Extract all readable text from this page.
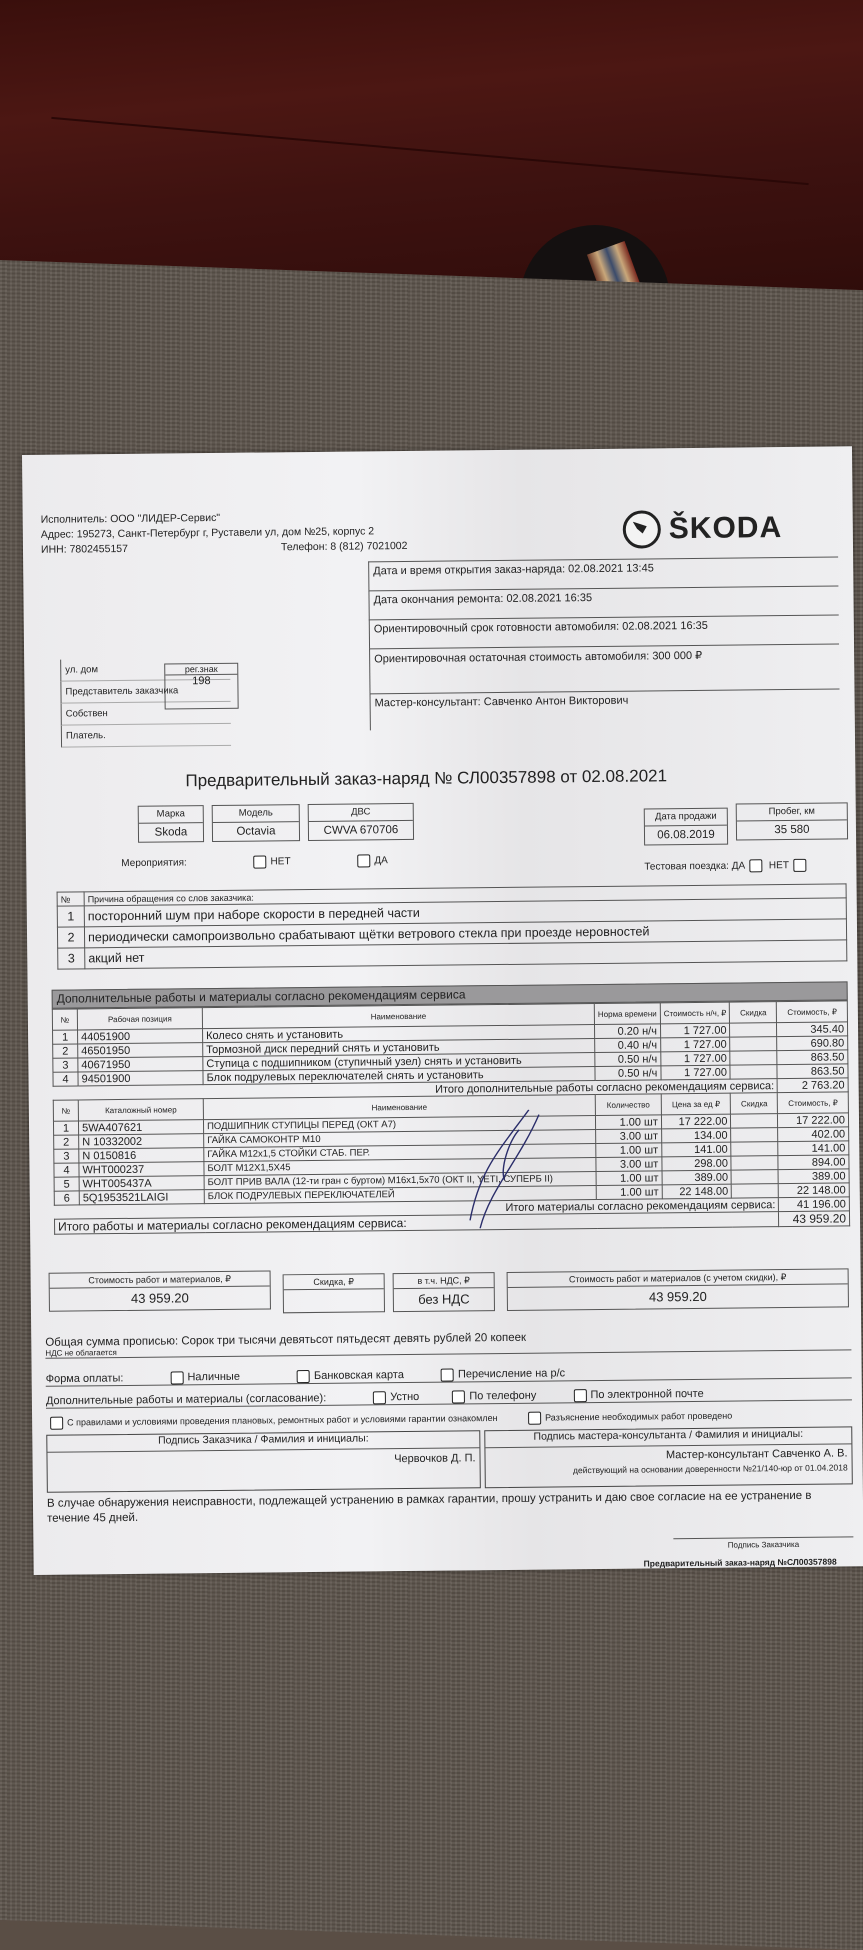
Исполнитель: ООО "ЛИДЕР-Сервис"
Адрес: 195273, Санкт-Петербург г, Руставели ул, дом №25, корпус 2
ИНН: 7802455157	Телефон: 8 (812) 7021002
ŠKODA
Дата и время открытия заказ-наряда: 02.08.2021 13:45
Дата окончания ремонта: 02.08.2021 16:35
Ориентировочный срок готовности автомобиля: 02.08.2021 16:35
Ориентировочная остаточная стоимость автомобиля: 300 000 ₽
Мастер-консультант: Савченко Антон Викторович
ул. дом
Представитель заказчика
Собствен
Платель.
рег.знак
198
Предварительный заказ-наряд № СЛ00357898 от 02.08.2021
Марка
Skoda
Модель
Octavia
ДВС
CWVA 670706
Дата продажи
06.08.2019
Пробег, км
35 580
Мероприятия:	НЕТ	ДА	Тестовая поездка: ДА НЕТ
№	Причина обращения со слов заказчика:
1	посторонний шум при наборе скорости в передней части
2	периодически самопроизвольно срабатывают щётки ветрового стекла при проезде неровностей
3	акций нет
Дополнительные работы и материалы согласно рекомендациям сервиса
№	Рабочая позиция	Наименование	Норма времени	Стоимость н/ч, ₽	Скидка	Стоимость, ₽
1	44051900	Колесо снять и установить	0.20 н/ч	1 727.00		345.40
2	46501950	Тормозной диск передний снять и установить	0.40 н/ч	1 727.00		690.80
3	40671950	Ступица с подшипником (ступичный узел) снять и установить	0.50 н/ч	1 727.00		863.50
4	94501900	Блок подрулевых переключателей снять и установить	0.50 н/ч	1 727.00		863.50
Итого дополнительные работы согласно рекомендациям сервиса:						2 763.20
№	Каталожный номер	Наименование	Количество	Цена за ед ₽	Скидка	Стоимость, ₽
1	5WA407621	ПОДШИПНИК СТУПИЦЫ ПЕРЕД (ОКТ А7)	1.00 шт	17 222.00		17 222.00
2	N 10332002	ГАЙКА САМОКОНТР М10	3.00 шт	134.00		402.00
3	N 0150816	ГАЙКА М12х1,5 СТОЙКИ СТАБ. ПЕР.	1.00 шт	141.00		141.00
4	WHT000237	БОЛТ М12Х1,5Х45	3.00 шт	298.00		894.00
5	WHT005437A	БОЛТ ПРИВ ВАЛА (12-ти гран с буртом) М16х1,5х70 (ОКТ II, YETI, СУПЕРБ II)	1.00 шт	389.00		389.00
6	5Q1953521LAIGI	БЛОК ПОДРУЛЕВЫХ ПЕРЕКЛЮЧАТЕЛЕЙ	1.00 шт	22 148.00		22 148.00
Итого материалы согласно рекомендациям сервиса:						41 196.00
Итого работы и материалы согласно рекомендациям сервиса:						43 959.20
Стоимость работ и материалов, ₽
43 959.20
Скидка, ₽	в т.ч. НДС, ₽
без НДС
Стоимость работ и материалов (с учетом скидки), ₽
43 959.20
Общая сумма прописью: Сорок три тысячи девятьсот пятьдесят девять рублей 20 копеек
НДС не облагается
Форма оплаты:	Наличные	Банковская карта	Перечисление на р/с
Дополнительные работы и материалы (согласование):	Устно	По телефону	По электронной почте
С правилами и условиями проведения плановых, ремонтных работ и условиями гарантии ознакомлен	Разъяснение необходимых работ проведено
Подпись Заказчика / Фамилия и инициалы:
Червочков Д. П.
Подпись мастера-консультанта / Фамилия и инициалы:
Мастер-консультант Савченко А. В.
действующий на основании доверенности №21/140-юр от 01.04.2018
В случае обнаружения неисправности, подлежащей устранению в рамках гарантии, прошу устранить и даю свое согласие на ее устранение в течение 45 дней.
Подпись Заказчика
Предварительный заказ-наряд №СЛ00357898
